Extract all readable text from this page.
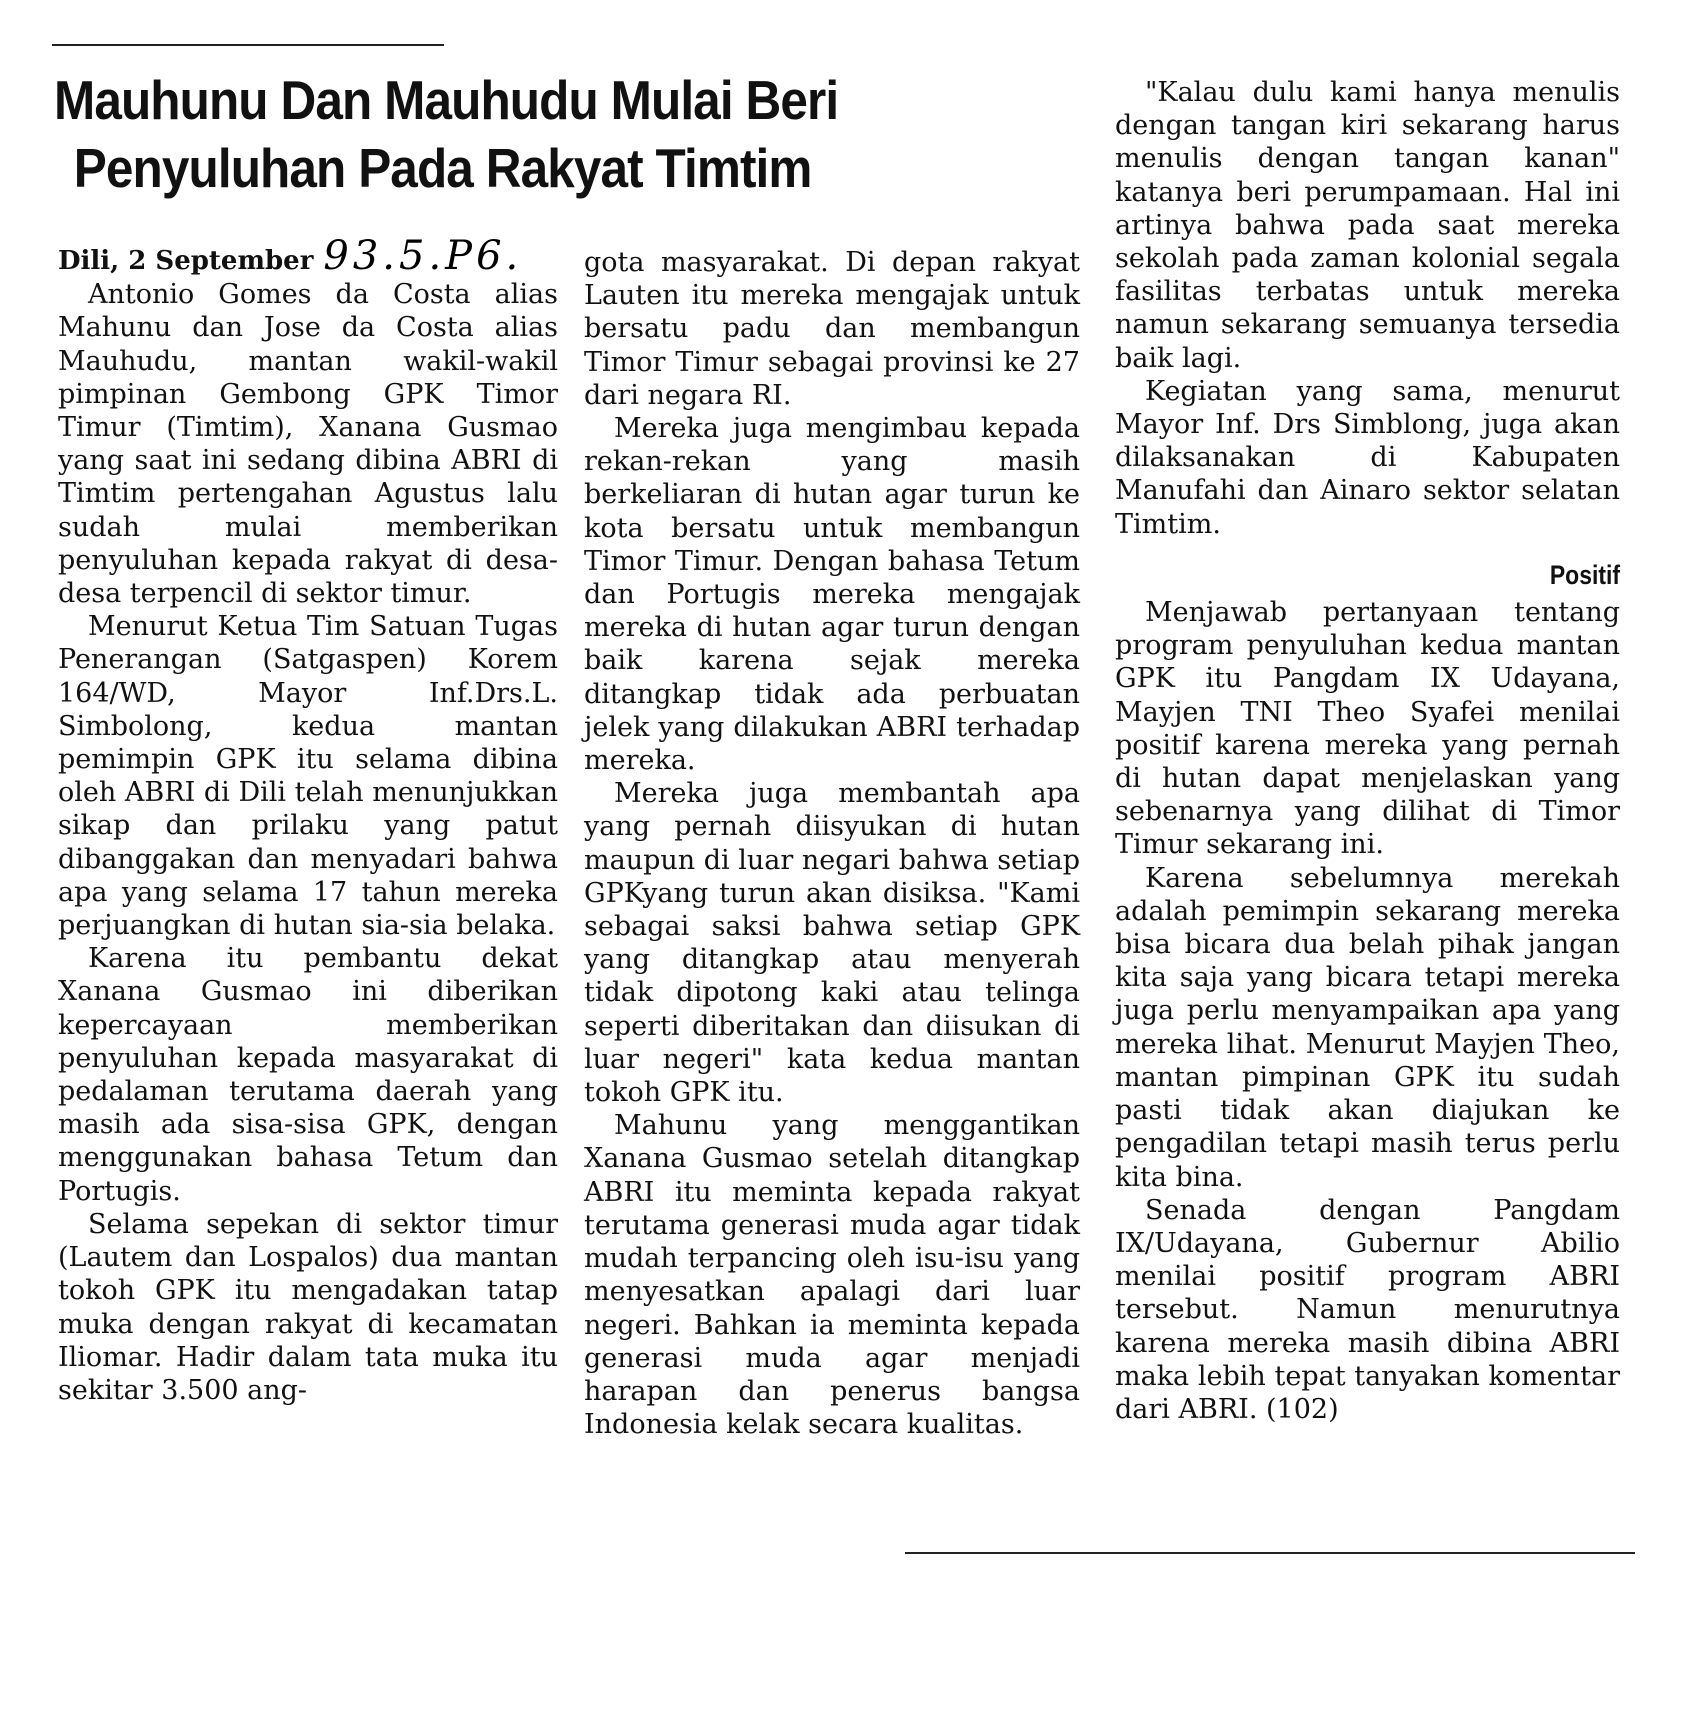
Mauhunu Dan Mauhudu Mulai Beri
Penyuluhan Pada Rakyat Timtim

Dili, 2 September 93.5.P6.

Antonio Gomes da Costa alias Mahunu dan Jose da Costa alias Mauhudu, mantan wakil-wakil pimpinan Gembong GPK Timor Timur (Timtim), Xanana Gusmao yang saat ini sedang dibina ABRI di Timtim pertengahan Agustus lalu sudah mulai memberikan penyuluhan kepada rakyat di desa-desa terpencil di sektor timur.

Menurut Ketua Tim Satuan Tugas Penerangan (Satgaspen) Korem 164/WD, Mayor Inf.Drs.L. Simbolong, kedua mantan pemimpin GPK itu selama dibina oleh ABRI di Dili telah menunjukkan sikap dan prilaku yang patut dibanggakan dan menyadari bahwa apa yang selama 17 tahun mereka perjuangkan di hutan sia-sia belaka.

Karena itu pembantu dekat Xanana Gusmao ini diberikan kepercayaan memberikan penyuluhan kepada masyarakat di pedalaman terutama daerah yang masih ada sisa-sisa GPK, dengan menggunakan bahasa Tetum dan Portugis.

Selama sepekan di sektor timur (Lautem dan Lospalos) dua mantan tokoh GPK itu mengadakan tatap muka dengan rakyat di kecamatan Iliomar. Hadir dalam tata muka itu sekitar 3.500 ang-

gota masyarakat. Di depan rakyat Lauten itu mereka mengajak untuk bersatu padu dan membangun Timor Timur sebagai provinsi ke 27 dari negara RI.

Mereka juga mengimbau kepada rekan-rekan yang masih berkeliaran di hutan agar turun ke kota bersatu untuk membangun Timor Timur. Dengan bahasa Tetum dan Portugis mereka mengajak mereka di hutan agar turun dengan baik karena sejak mereka ditangkap tidak ada perbuatan jelek yang dilakukan ABRI terhadap mereka.

Mereka juga membantah apa yang pernah diisyukan di hutan maupun di luar negari bahwa setiap GPKyang turun akan disiksa. "Kami sebagai saksi bahwa setiap GPK yang ditangkap atau menyerah tidak dipotong kaki atau telinga seperti diberitakan dan diisukan di luar negeri" kata kedua mantan tokoh GPK itu.

Mahunu yang menggantikan Xanana Gusmao setelah ditangkap ABRI itu meminta kepada rakyat terutama generasi muda agar tidak mudah terpancing oleh isu-isu yang menyesatkan apalagi dari luar negeri. Bahkan ia meminta kepada generasi muda agar menjadi harapan dan penerus bangsa Indonesia kelak secara kualitas.

"Kalau dulu kami hanya menulis dengan tangan kiri sekarang harus menulis dengan tangan kanan" katanya beri perumpamaan. Hal ini artinya bahwa pada saat mereka sekolah pada zaman kolonial segala fasilitas terbatas untuk mereka namun sekarang semuanya tersedia baik lagi.

Kegiatan yang sama, menurut Mayor Inf. Drs Simblong, juga akan dilaksanakan di Kabupaten Manufahi dan Ainaro sektor selatan Timtim.

Positif

Menjawab pertanyaan tentang program penyuluhan kedua mantan GPK itu Pangdam IX Udayana, Mayjen TNI Theo Syafei menilai positif karena mereka yang pernah di hutan dapat menjelaskan yang sebenarnya yang dilihat di Timor Timur sekarang ini.

Karena sebelumnya merekah adalah pemimpin sekarang mereka bisa bicara dua belah pihak jangan kita saja yang bicara tetapi mereka juga perlu menyampaikan apa yang mereka lihat. Menurut Mayjen Theo, mantan pimpinan GPK itu sudah pasti tidak akan diajukan ke pengadilan tetapi masih terus perlu kita bina.

Senada dengan Pangdam IX/Udayana, Gubernur Abilio menilai positif program ABRI tersebut. Namun menurutnya karena mereka masih dibina ABRI maka lebih tepat tanyakan komentar dari ABRI. (102)
